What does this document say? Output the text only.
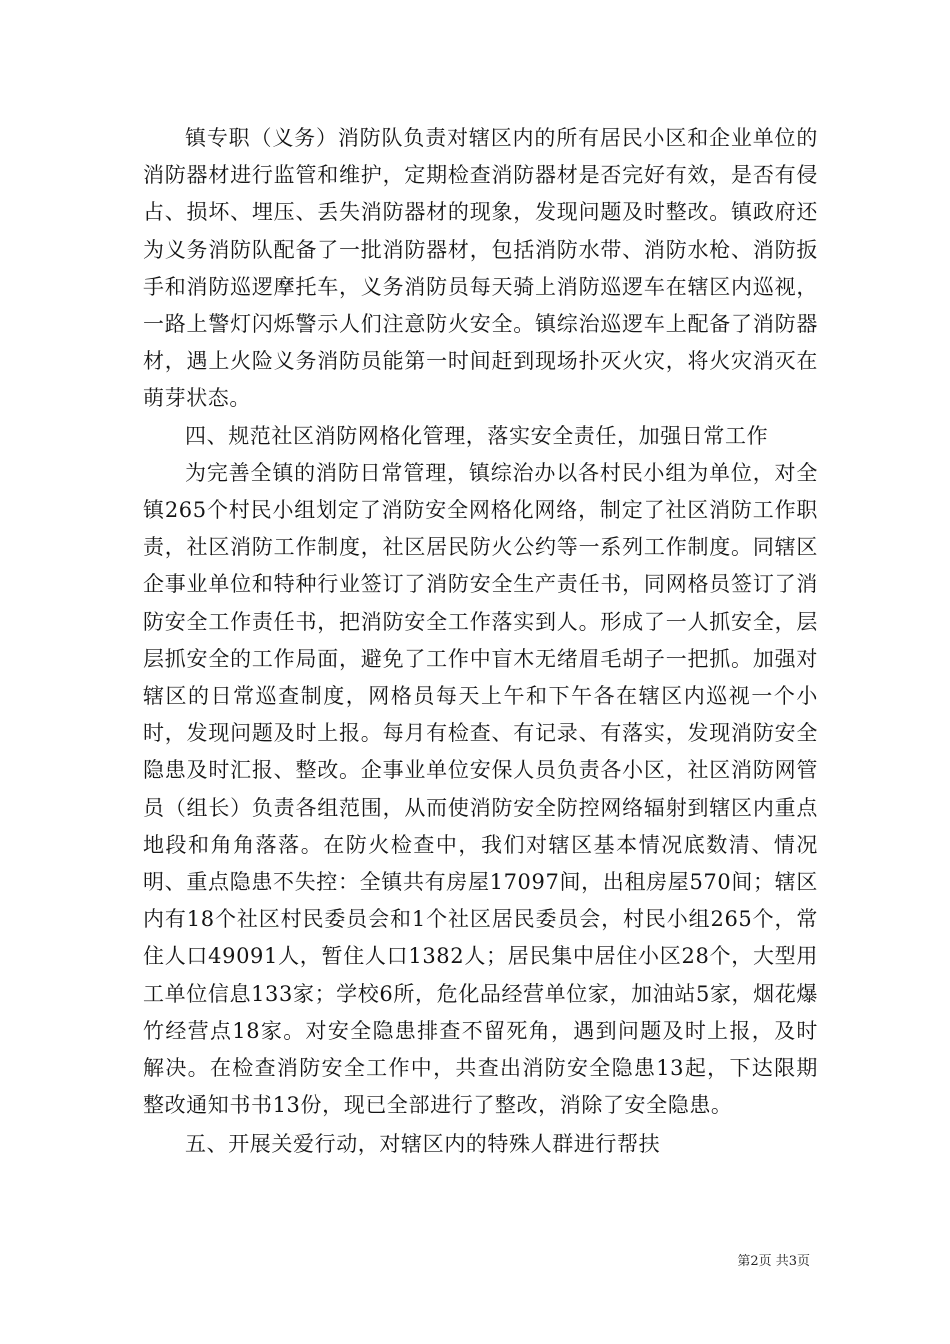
镇专职（义务）消防队负责对辖区内的所有居民小区和企业单位的消防器材进行监管和维护，定期检查消防器材是否完好有效，是否有侵占、损坏、埋压、丢失消防器材的现象，发现问题及时整改。镇政府还为义务消防队配备了一批消防器材，包括消防水带、消防水枪、消防扳手和消防巡逻摩托车，义务消防员每天骑上消防巡逻车在辖区内巡视，一路上警灯闪烁警示人们注意防火安全。镇综治巡逻车上配备了消防器材，遇上火险义务消防员能第一时间赶到现场扑灭火灾，将火灾消灭在萌芽状态。

四、规范社区消防网格化管理，落实安全责任，加强日常工作

为完善全镇的消防日常管理，镇综治办以各村民小组为单位，对全镇265个村民小组划定了消防安全网格化网络，制定了社区消防工作职责，社区消防工作制度，社区居民防火公约等一系列工作制度。同辖区企事业单位和特种行业签订了消防安全生产责任书，同网格员签订了消防安全工作责任书，把消防安全工作落实到人。形成了一人抓安全，层层抓安全的工作局面，避免了工作中盲木无绪眉毛胡子一把抓。加强对辖区的日常巡查制度，网格员每天上午和下午各在辖区内巡视一个小时，发现问题及时上报。每月有检查、有记录、有落实，发现消防安全隐患及时汇报、整改。企事业单位安保人员负责各小区，社区消防网管员（组长）负责各组范围，从而使消防安全防控网络辐射到辖区内重点地段和角角落落。在防火检查中，我们对辖区基本情况底数清、情况明、重点隐患不失控：全镇共有房屋17097间，出租房屋570间；辖区内有18个社区村民委员会和1个社区居民委员会，村民小组265个，常住人口49091人，暂住人口1382人；居民集中居住小区28个，大型用工单位信息133家；学校6所，危化品经营单位家，加油站5家，烟花爆竹经营点18家。对安全隐患排查不留死角，遇到问题及时上报，及时解决。在检查消防安全工作中，共查出消防安全隐患13起，下达限期整改通知书书13份，现已全部进行了整改，消除了安全隐患。

五、开展关爱行动，对辖区内的特殊人群进行帮扶

第2页 共3页
